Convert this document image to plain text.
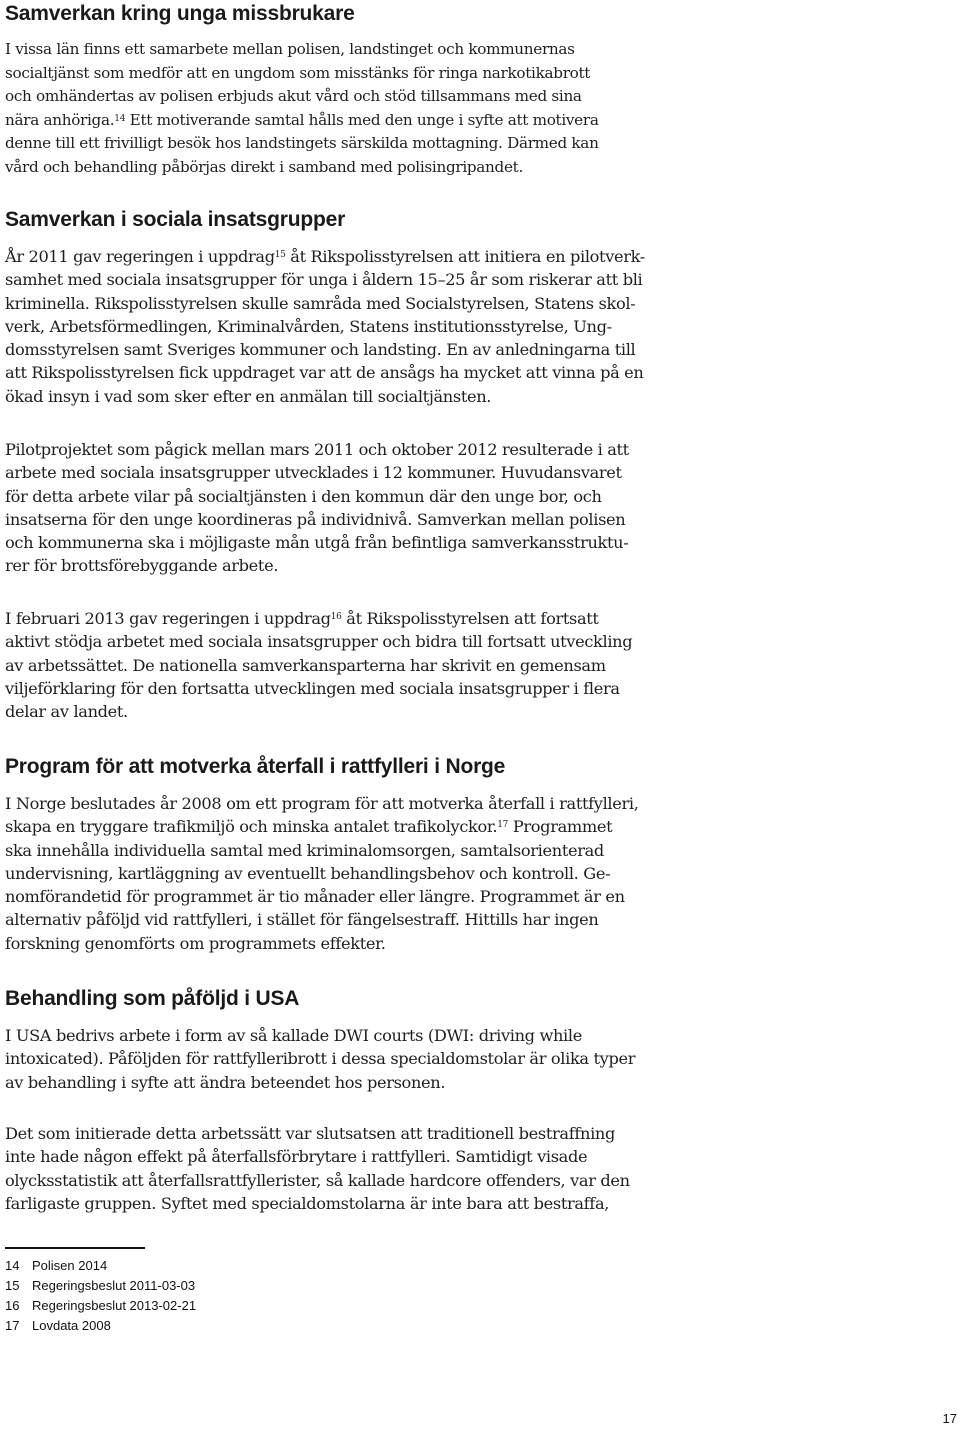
Samverkan kring unga missbrukare

I vissa län finns ett samarbete mellan polisen, landstinget och kommunernas
socialtjänst som medför att en ungdom som misstänks för ringa narkotikabrott
och omhändertas av polisen erbjuds akut vård och stöd tillsammans med sina
nära anhöriga.$^{14}$ Ett motiverande samtal hålls med den unge i syfte att motivera
denne till ett frivilligt besök hos landstingets särskilda mottagning. Därmed kan
vård och behandling påbörjas direkt i samband med polisingripandet.

Samverkan i sociala insatsgrupper

År 2011 gav regeringen i uppdrag$^{15}$ åt Rikspolisstyrelsen att initiera en pilotverk-
samhet med sociala insatsgrupper för unga i åldern 15–25 år som riskerar att bli
kriminella. Rikspolisstyrelsen skulle samråda med Socialstyrelsen, Statens skol-
verk, Arbetsförmedlingen, Kriminalvården, Statens institutionsstyrelse, Ung-
domsstyrelsen samt Sveriges kommuner och landsting. En av anledningarna till
att Rikspolisstyrelsen fick uppdraget var att de ansågs ha mycket att vinna på en
ökad insyn i vad som sker efter en anmälan till socialtjänsten.

Pilotprojektet som pågick mellan mars 2011 och oktober 2012 resulterade i att
arbete med sociala insatsgrupper utvecklades i 12 kommuner. Huvudansvaret
för detta arbete vilar på socialtjänsten i den kommun där den unge bor, och
insatserna för den unge koordineras på individnivå. Samverkan mellan polisen
och kommunerna ska i möjligaste mån utgå från befintliga samverkansstruktu-
rer för brottsförebyggande arbete.

I februari 2013 gav regeringen i uppdrag$^{16}$ åt Rikspolisstyrelsen att fortsatt
aktivt stödja arbetet med sociala insatsgrupper och bidra till fortsatt utveckling
av arbetssättet. De nationella samverkansparterna har skrivit en gemensam
viljeförklaring för den fortsatta utvecklingen med sociala insatsgrupper i flera
delar av landet.

Program för att motverka återfall i rattfylleri i Norge

I Norge beslutades år 2008 om ett program för att motverka återfall i rattfylleri,
skapa en tryggare trafikmiljö och minska antalet trafikolyckor.$^{17}$ Programmet
ska innehålla individuella samtal med kriminalomsorgen, samtalsorienterad
undervisning, kartläggning av eventuellt behandlingsbehov och kontroll. Ge-
nomförandetid för programmet är tio månader eller längre. Programmet är en
alternativ påföljd vid rattfylleri, i stället för fängelsestraff. Hittills har ingen
forskning genomförts om programmets effekter.

Behandling som påföljd i USA

I USA bedrivs arbete i form av så kallade DWI courts (DWI: driving while
intoxicated). Påföljden för rattfylleribrott i dessa specialdomstolar är olika typer
av behandling i syfte att ändra beteendet hos personen.

Det som initierade detta arbetssätt var slutsatsen att traditionell bestraffning
inte hade någon effekt på återfallsförbrytare i rattfylleri. Samtidigt visade
olycksstatistik att återfallsrattfyllerister, så kallade hardcore offenders, var den
farligaste gruppen. Syftet med specialdomstolarna är inte bara att bestraffa,

14 Polisen 2014
15 Regeringsbeslut 2011-03-03
16 Regeringsbeslut 2013-02-21
17 Lovdata 2008
17
